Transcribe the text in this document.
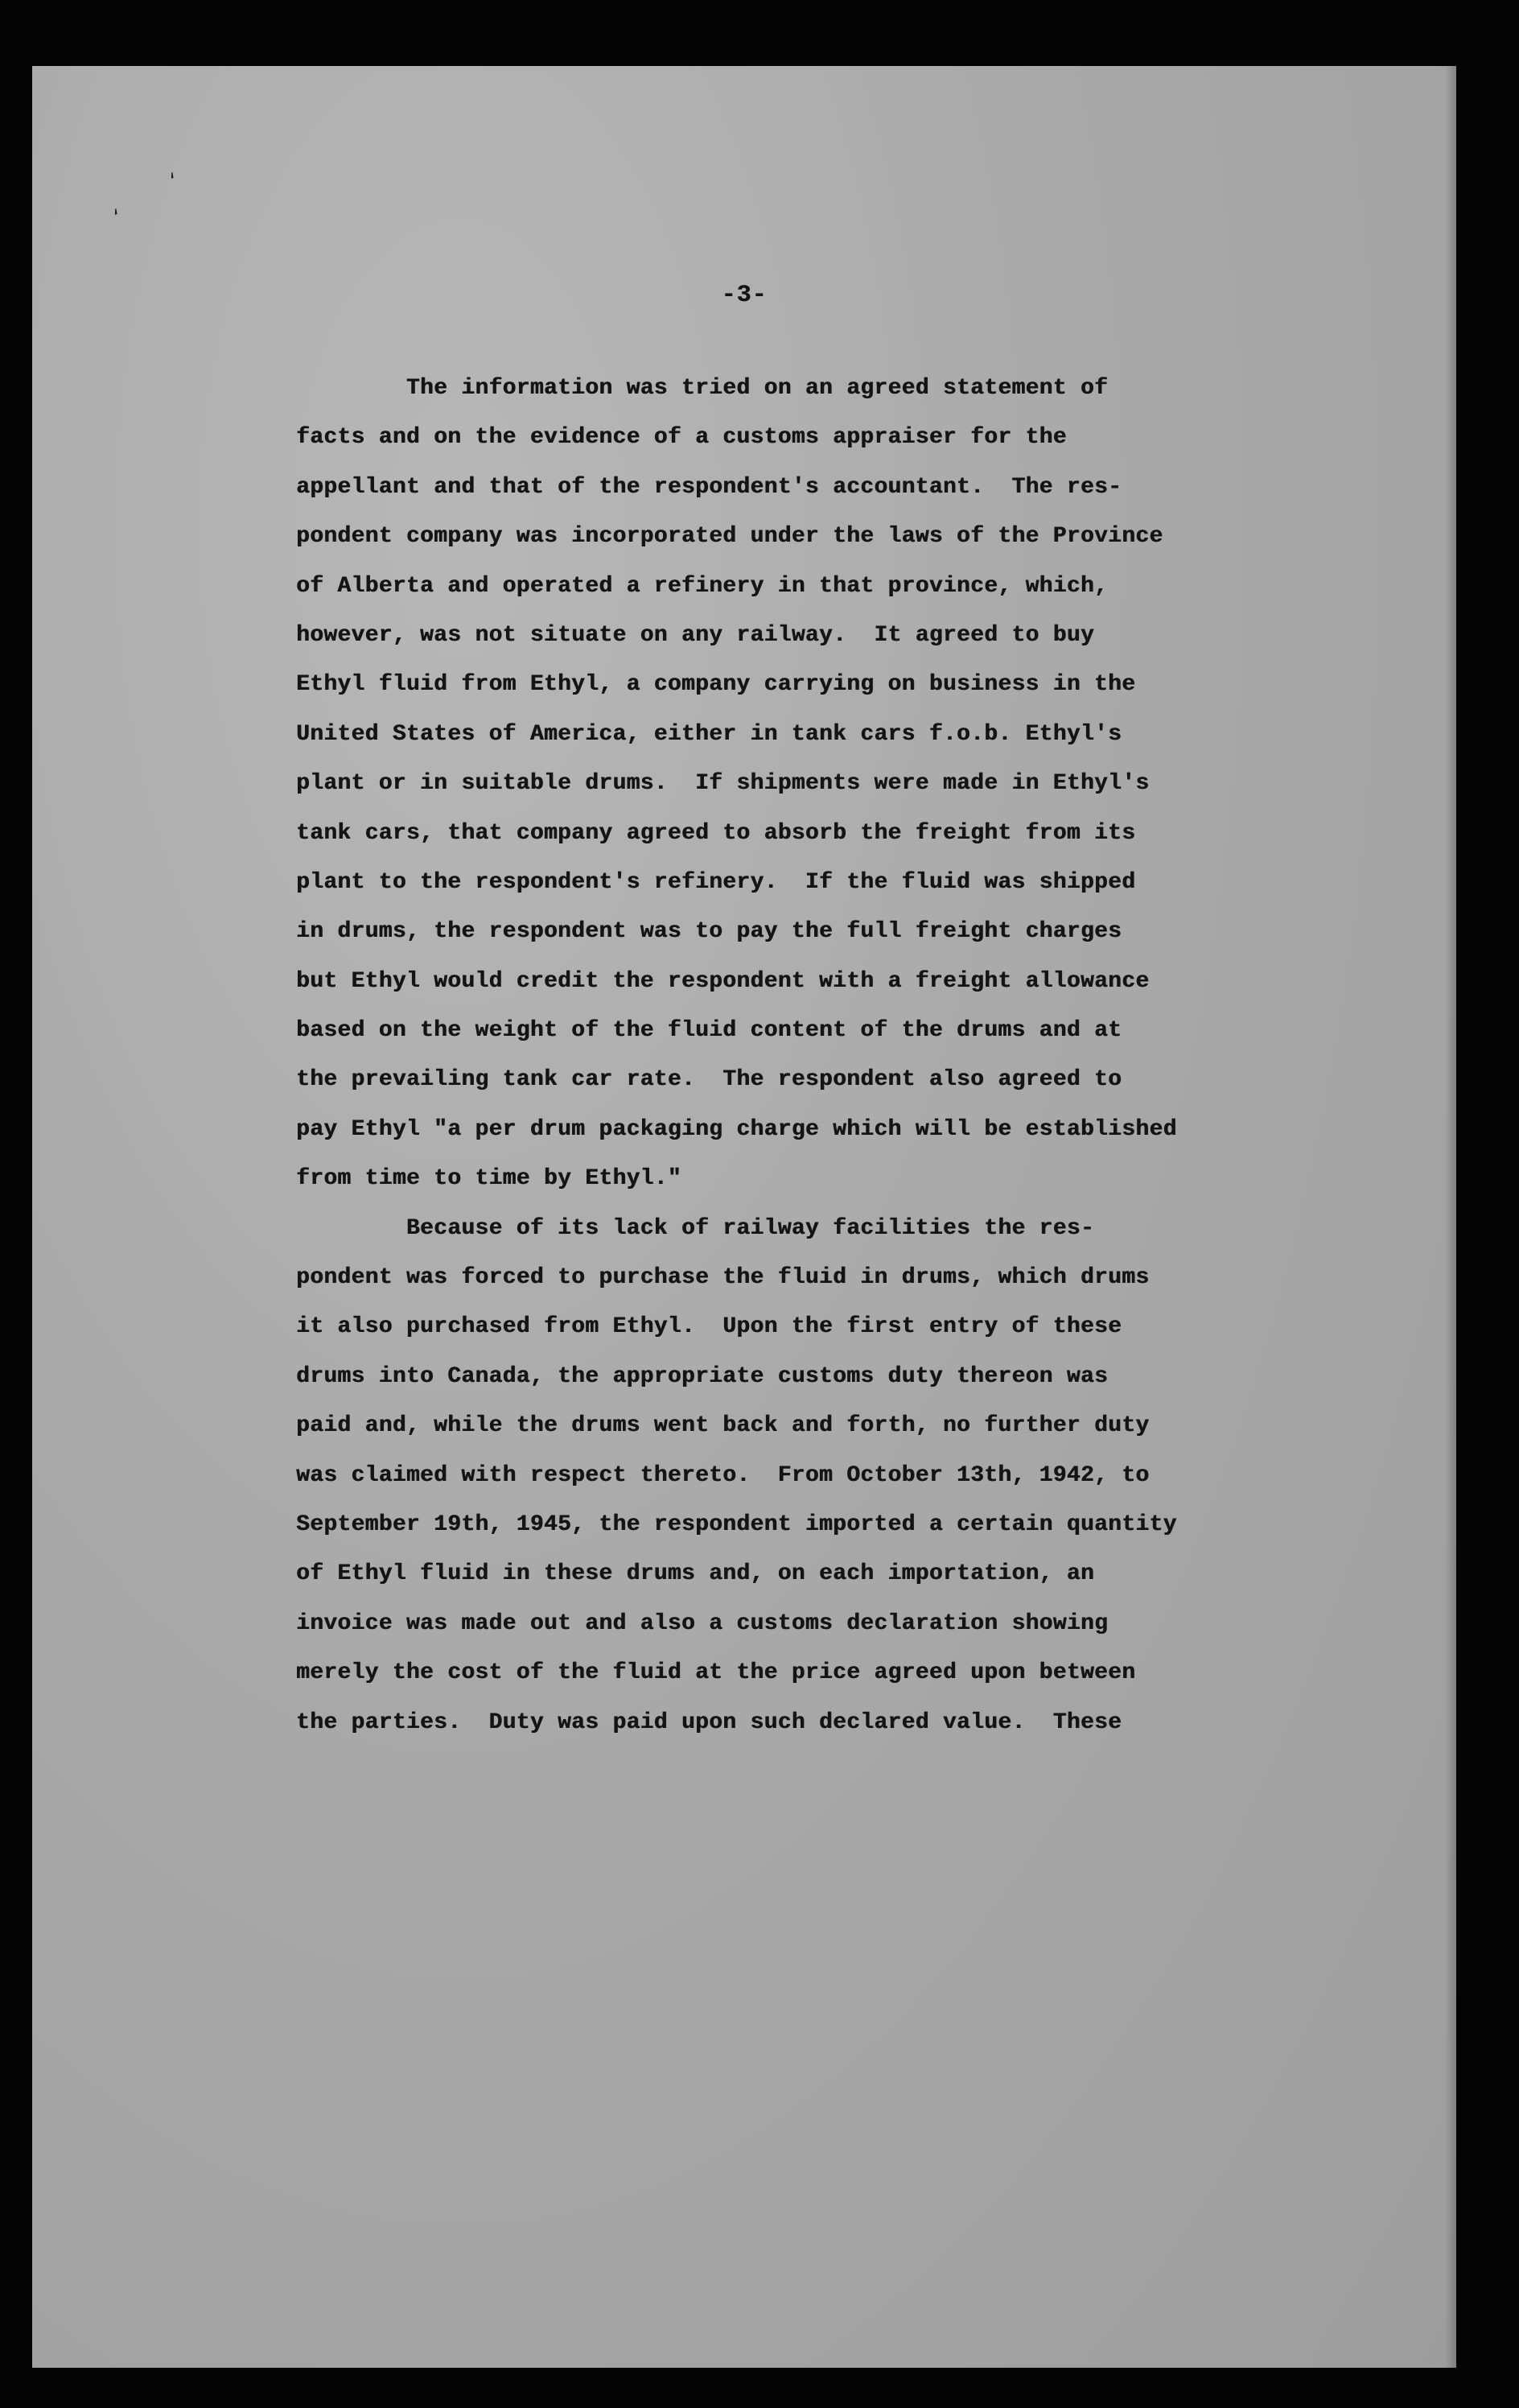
‘
‘
-3-
The information was tried on an agreed statement of
facts and on the evidence of a customs appraiser for the
appellant and that of the respondent's accountant.  The res-
pondent company was incorporated under the laws of the Province
of Alberta and operated a refinery in that province, which,
however, was not situate on any railway.  It agreed to buy
Ethyl fluid from Ethyl, a company carrying on business in the
United States of America, either in tank cars f.o.b. Ethyl's
plant or in suitable drums.  If shipments were made in Ethyl's
tank cars, that company agreed to absorb the freight from its
plant to the respondent's refinery.  If the fluid was shipped
in drums, the respondent was to pay the full freight charges
but Ethyl would credit the respondent with a freight allowance
based on the weight of the fluid content of the drums and at
the prevailing tank car rate.  The respondent also agreed to
pay Ethyl "a per drum packaging charge which will be established
from time to time by Ethyl."
Because of its lack of railway facilities the res-
pondent was forced to purchase the fluid in drums, which drums
it also purchased from Ethyl.  Upon the first entry of these
drums into Canada, the appropriate customs duty thereon was
paid and, while the drums went back and forth, no further duty
was claimed with respect thereto.  From October 13th, 1942, to
September 19th, 1945, the respondent imported a certain quantity
of Ethyl fluid in these drums and, on each importation, an
invoice was made out and also a customs declaration showing
merely the cost of the fluid at the price agreed upon between
the parties.  Duty was paid upon such declared value.  These
